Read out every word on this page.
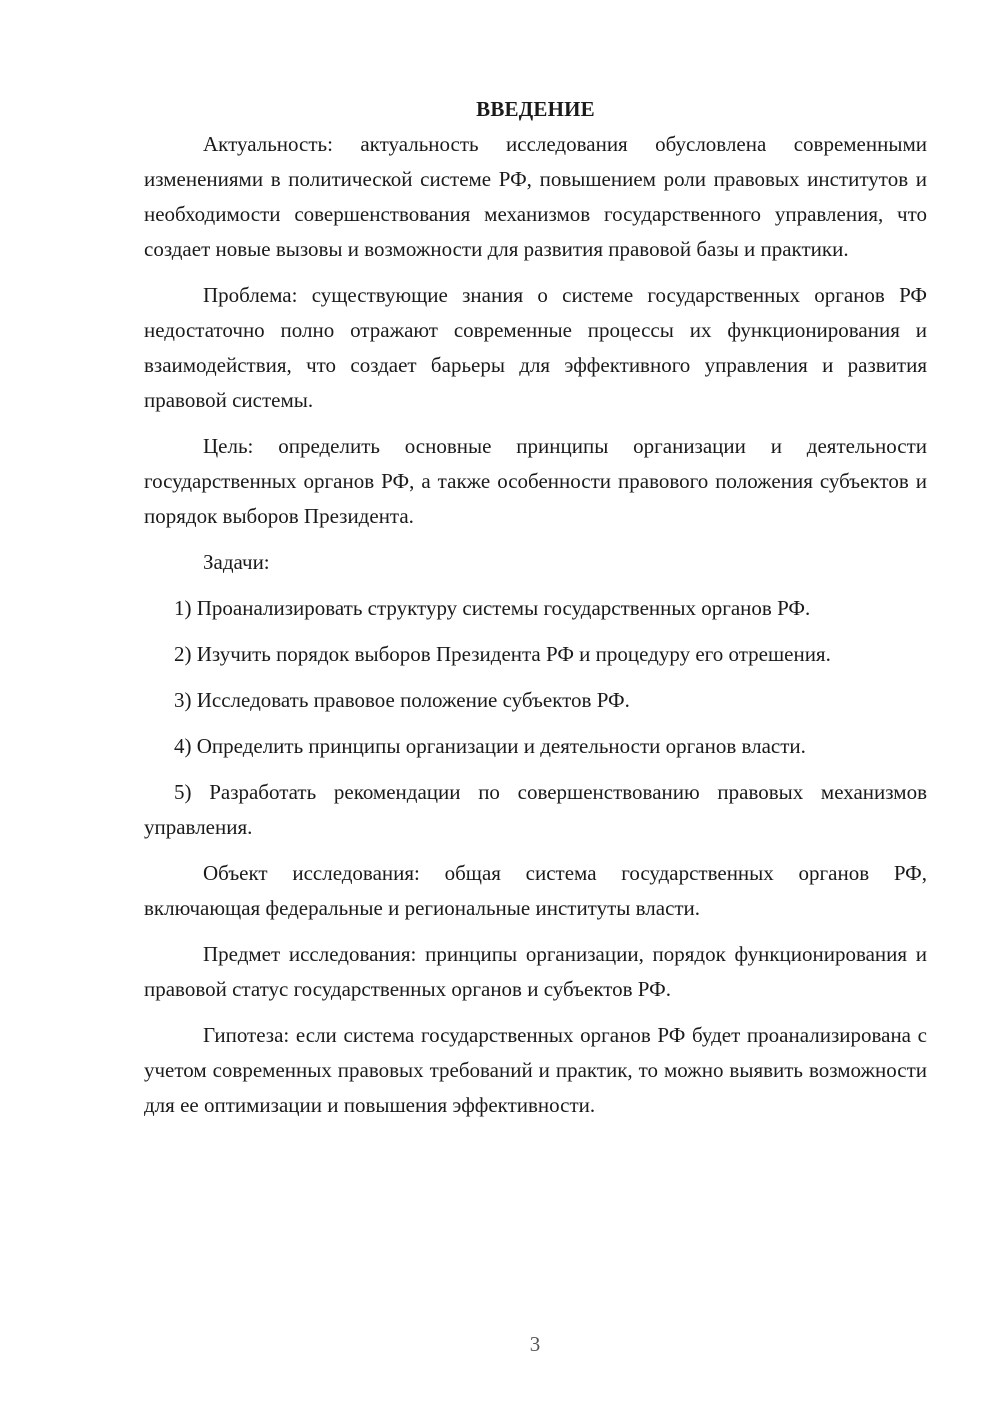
ВВЕДЕНИЕ

Актуальность: актуальность исследования обусловлена современными изменениями в политической системе РФ, повышением роли правовых институтов и необходимости совершенствования механизмов государственного управления, что создает новые вызовы и возможности для развития правовой базы и практики.

Проблема: существующие знания о системе государственных органов РФ недостаточно полно отражают современные процессы их функционирования и взаимодействия, что создает барьеры для эффективного управления и развития правовой системы.

Цель: определить основные принципы организации и деятельности государственных органов РФ, а также особенности правового положения субъектов и порядок выборов Президента.

Задачи:

1) Проанализировать структуру системы государственных органов РФ.

2) Изучить порядок выборов Президента РФ и процедуру его отрешения.

3) Исследовать правовое положение субъектов РФ.

4) Определить принципы организации и деятельности органов власти.

5) Разработать рекомендации по совершенствованию правовых механизмов управления.

Объект исследования: общая система государственных органов РФ, включающая федеральные и региональные институты власти.

Предмет исследования: принципы организации, порядок функционирования и правовой статус государственных органов и субъектов РФ.

Гипотеза: если система государственных органов РФ будет проанализирована с учетом современных правовых требований и практик, то можно выявить возможности для ее оптимизации и повышения эффективности.

3
